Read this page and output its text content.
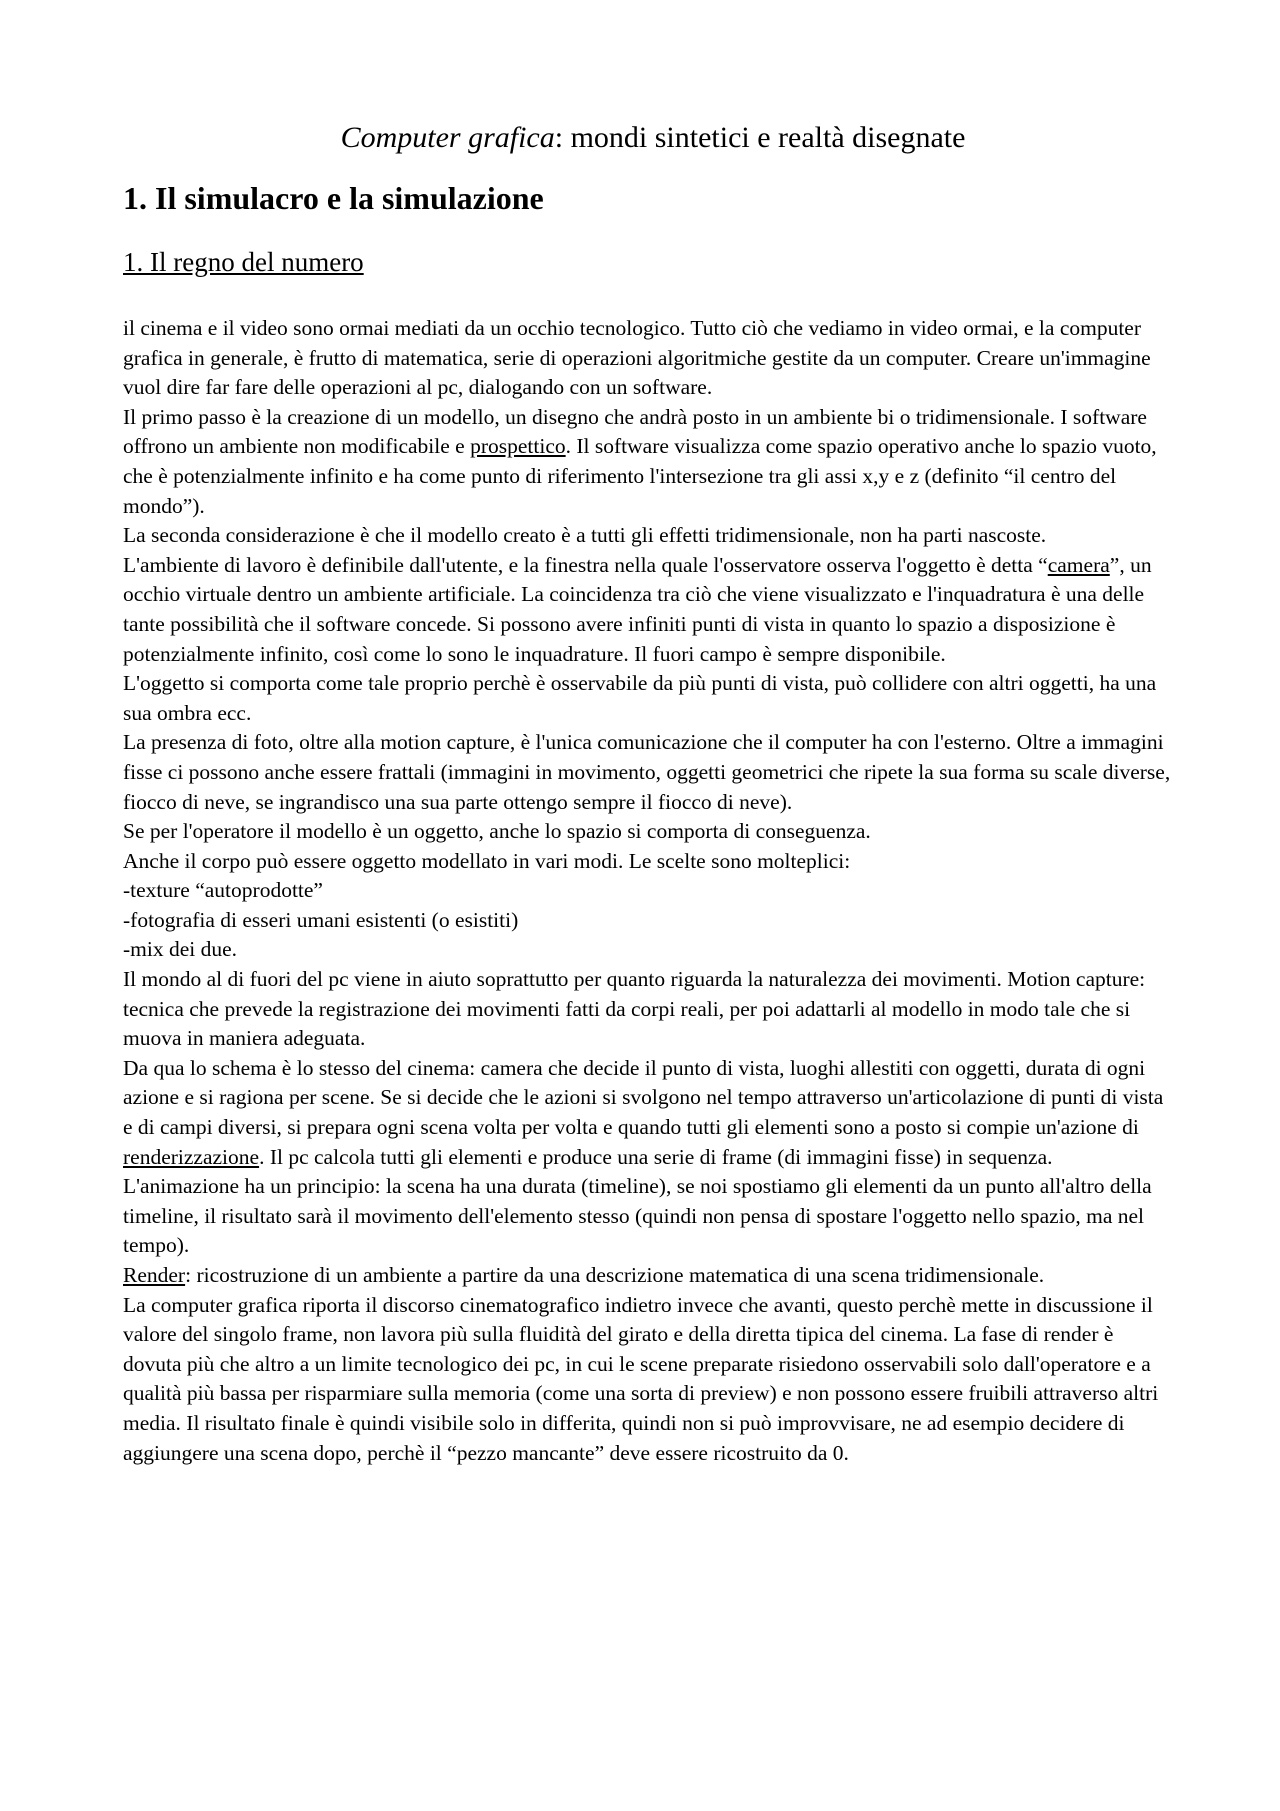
Computer grafica: mondi sintetici e realtà disegnate
1. Il simulacro e la simulazione
1. Il regno del numero

il cinema e il video sono ormai mediati da un occhio tecnologico. Tutto ciò che vediamo in video ormai, e la computer grafica in generale, è frutto di matematica, serie di operazioni algoritmiche gestite da un computer. Creare un'immagine vuol dire far fare delle operazioni al pc, dialogando con un software.

Il primo passo è la creazione di un modello, un disegno che andrà posto in un ambiente bi o tridimensionale. I software offrono un ambiente non modificabile e prospettico. Il software visualizza come spazio operativo anche lo spazio vuoto, che è potenzialmente infinito e ha come punto di riferimento l'intersezione tra gli assi x,y e z (definito “il centro del mondo”).

La seconda considerazione è che il modello creato è a tutti gli effetti tridimensionale, non ha parti nascoste.

L'ambiente di lavoro è definibile dall'utente, e la finestra nella quale l'osservatore osserva l'oggetto è detta “camera”, un occhio virtuale dentro un ambiente artificiale. La coincidenza tra ciò che viene visualizzato e l'inquadratura è una delle tante possibilità che il software concede. Si possono avere infiniti punti di vista in quanto lo spazio a disposizione è potenzialmente infinito, così come lo sono le inquadrature. Il fuori campo è sempre disponibile.

L'oggetto si comporta come tale proprio perchè è osservabile da più punti di vista, può collidere con altri oggetti, ha una sua ombra ecc.

La presenza di foto, oltre alla motion capture, è l'unica comunicazione che il computer ha con l'esterno. Oltre a immagini fisse ci possono anche essere frattali (immagini in movimento, oggetti geometrici che ripete la sua forma su scale diverse, fiocco di neve, se ingrandisco una sua parte ottengo sempre il fiocco di neve).

Se per l'operatore il modello è un oggetto, anche lo spazio si comporta di conseguenza.

Anche il corpo può essere oggetto modellato in vari modi. Le scelte sono molteplici:

-texture “autoprodotte”

-fotografia di esseri umani esistenti (o esistiti)

-mix dei due.

Il mondo al di fuori del pc viene in aiuto soprattutto per quanto riguarda la naturalezza dei movimenti. Motion capture: tecnica che prevede la registrazione dei movimenti fatti da corpi reali, per poi adattarli al modello in modo tale che si muova in maniera adeguata.

Da qua lo schema è lo stesso del cinema: camera che decide il punto di vista, luoghi allestiti con oggetti, durata di ogni azione e si ragiona per scene. Se si decide che le azioni si svolgono nel tempo attraverso un'articolazione di punti di vista e di campi diversi, si prepara ogni scena volta per volta e quando tutti gli elementi sono a posto si compie un'azione di renderizzazione. Il pc calcola tutti gli elementi e produce una serie di frame (di immagini fisse) in sequenza.

L'animazione ha un principio: la scena ha una durata (timeline), se noi spostiamo gli elementi da un punto all'altro della timeline, il risultato sarà il movimento dell'elemento stesso (quindi non pensa di spostare l'oggetto nello spazio, ma nel tempo).

Render: ricostruzione di un ambiente a partire da una descrizione matematica di una scena tridimensionale.

La computer grafica riporta il discorso cinematografico indietro invece che avanti, questo perchè mette in discussione il valore del singolo frame, non lavora più sulla fluidità del girato e della diretta tipica del cinema. La fase di render è dovuta più che altro a un limite tecnologico dei pc, in cui le scene preparate risiedono osservabili solo dall'operatore e a qualità più bassa per risparmiare sulla memoria (come una sorta di preview) e non possono essere fruibili attraverso altri media. Il risultato finale è quindi visibile solo in differita, quindi non si può improvvisare, ne ad esempio decidere di aggiungere una scena dopo, perchè il “pezzo mancante” deve essere ricostruito da 0.
